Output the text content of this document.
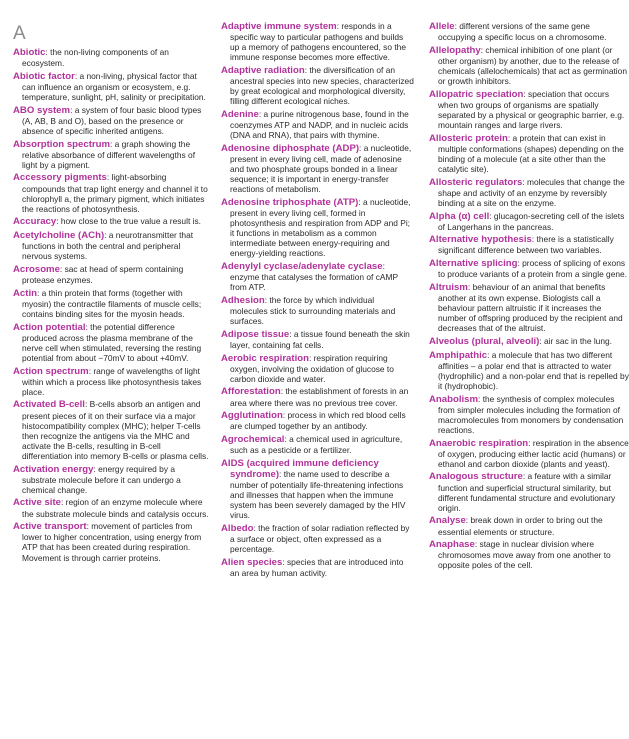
A

Abiotic: the non-living components of an ecosystem.

Abiotic factor: a non-living, physical factor that can influence an organism or ecosystem, e.g. temperature, sunlight, pH, salinity or precipitation.

ABO system: a system of four basic blood types (A, AB, B and O), based on the presence or absence of specific inherited antigens.

Absorption spectrum: a graph showing the relative absorbance of different wavelengths of light by a pigment.

Accessory pigments: light-absorbing compounds that trap light energy and channel it to chlorophyll a, the primary pigment, which initiates the reactions of photosynthesis.

Accuracy: how close to the true value a result is.

Acetylcholine (ACh): a neurotransmitter that functions in both the central and peripheral nervous systems.

Acrosome: sac at head of sperm containing protease enzymes.

Actin: a thin protein that forms (together with myosin) the contractile filaments of muscle cells; contains binding sites for the myosin heads.

Action potential: the potential difference produced across the plasma membrane of the nerve cell when stimulated, reversing the resting potential from about −70mV to about +40mV.

Action spectrum: range of wavelengths of light within which a process like photosynthesis takes place.

Activated B-cell: B-cells absorb an antigen and present pieces of it on their surface via a major histocompatibility complex (MHC); helper T-cells then recognize the antigens via the MHC and activate the B-cells, resulting in B-cell differentiation into memory B-cells or plasma cells.

Activation energy: energy required by a substrate molecule before it can undergo a chemical change.

Active site: region of an enzyme molecule where the substrate molecule binds and catalysis occurs.

Active transport: movement of particles from lower to higher concentration, using energy from ATP that has been created during respiration. Movement is through carrier proteins.

Adaptive immune system: responds in a specific way to particular pathogens and builds up a memory of pathogens encountered, so the immune response becomes more effective.

Adaptive radiation: the diversification of an ancestral species into new species, characterized by great ecological and morphological diversity, filling different ecological niches.

Adenine: a purine nitrogenous base, found in the coenzymes ATP and NADP, and in nucleic acids (DNA and RNA), that pairs with thymine.

Adenosine diphosphate (ADP): a nucleotide, present in every living cell, made of adenosine and two phosphate groups bonded in a linear sequence; it is important in energy-transfer reactions of metabolism.

Adenosine triphosphate (ATP): a nucleotide, present in every living cell, formed in photosynthesis and respiration from ADP and Pi; it functions in metabolism as a common intermediate between energy-requiring and energy-yielding reactions.

Adenylyl cyclase/adenylate cyclase: enzyme that catalyses the formation of cAMP from ATP.

Adhesion: the force by which individual molecules stick to surrounding materials and surfaces.

Adipose tissue: a tissue found beneath the skin layer, containing fat cells.

Aerobic respiration: respiration requiring oxygen, involving the oxidation of glucose to carbon dioxide and water.

Afforestation: the establishment of forests in an area where there was no previous tree cover.

Agglutination: process in which red blood cells are clumped together by an antibody.

Agrochemical: a chemical used in agriculture, such as a pesticide or a fertilizer.

AIDS (acquired immune deficiency syndrome): the name used to describe a number of potentially life-threatening infections and illnesses that happen when the immune system has been severely damaged by the HIV virus.

Albedo: the fraction of solar radiation reflected by a surface or object, often expressed as a percentage.

Alien species: species that are introduced into an area by human activity.

Allele: different versions of the same gene occupying a specific locus on a chromosome.

Allelopathy: chemical inhibition of one plant (or other organism) by another, due to the release of chemicals (allelochemicals) that act as germination or growth inhibitors.

Allopatric speciation: speciation that occurs when two groups of organisms are spatially separated by a physical or geographic barrier, e.g. mountain ranges and large rivers.

Allosteric protein: a protein that can exist in multiple conformations (shapes) depending on the binding of a molecule (at a site other than the catalytic site).

Allosteric regulators: molecules that change the shape and activity of an enzyme by reversibly binding at a site on the enzyme.

Alpha (α) cell: glucagon-secreting cell of the islets of Langerhans in the pancreas.

Alternative hypothesis: there is a statistically significant difference between two variables.

Alternative splicing: process of splicing of exons to produce variants of a protein from a single gene.

Altruism: behaviour of an animal that benefits another at its own expense. Biologists call a behaviour pattern altruistic if it increases the number of offspring produced by the recipient and decreases that of the altruist.

Alveolus (plural, alveoli): air sac in the lung.

Amphipathic: a molecule that has two different affinities – a polar end that is attracted to water (hydrophilic) and a non-polar end that is repelled by it (hydrophobic).

Anabolism: the synthesis of complex molecules from simpler molecules including the formation of macromolecules from monomers by condensation reactions.

Anaerobic respiration: respiration in the absence of oxygen, producing either lactic acid (humans) or ethanol and carbon dioxide (plants and yeast).

Analogous structure: a feature with a similar function and superficial structural similarity, but different fundamental structure and evolutionary origin.

Analyse: break down in order to bring out the essential elements or structure.

Anaphase: stage in nuclear division where chromosomes move away from one another to opposite poles of the cell.
